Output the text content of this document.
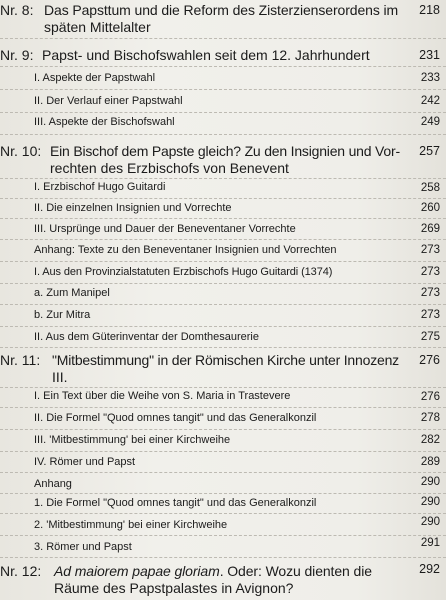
Nr. 8: Das Papsttum und die Reform des Zisterzienserordens im
späten Mittelalter
218
Nr. 9: Papst- und Bischofswahlen seit dem 12. Jahrhundert	231
I. Aspekte der Papstwahl	233
II. Der Verlauf einer Papstwahl	242
III. Aspekte der Bischofswahl	249
Nr. 10: Ein Bischof dem Papste gleich? Zu den Insignien und Vor-
rechten des Erzbischofs von Benevent
257
I. Erzbischof Hugo Guitardi	258
II. Die einzelnen Insignien und Vorrechte	260
III. Ursprünge und Dauer der Beneventaner Vorrechte	269
Anhang: Texte zu den Beneventaner Insignien und Vorrechten	273
I. Aus den Provinzialstatuten Erzbischofs Hugo Guitardi (1374)	273
a. Zum Manipel	273
b. Zur Mitra	273
II. Aus dem Güterinventar der Domthesaurerie	275
Nr. 11: "Mitbestimmung" in der Römischen Kirche unter Innozenz
III.
276
I. Ein Text über die Weihe von S. Maria in Trastevere	276
II. Die Formel "Quod omnes tangit" und das Generalkonzil	278
III. 'Mitbestimmung' bei einer Kirchweihe	282
IV. Römer und Papst	289
Anhang	290
1. Die Formel "Quod omnes tangit" und das Generalkonzil	290
2. 'Mitbestimmung' bei einer Kirchweihe	290
3. Römer und Papst	291
Nr. 12: Ad maiorem papae gloriam. Oder: Wozu dienten die
Räume des Papstpalastes in Avignon?
292
